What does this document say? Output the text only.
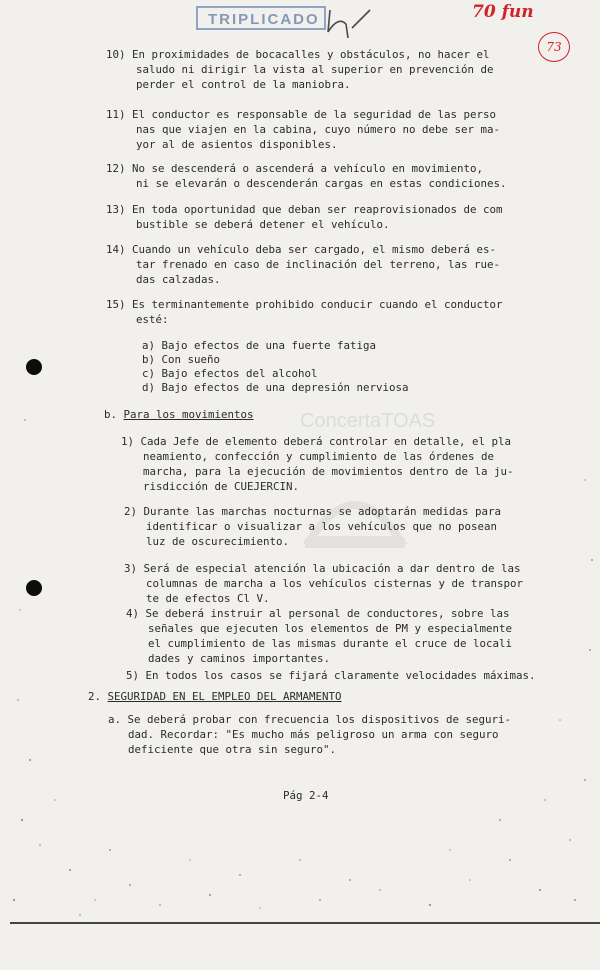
TRIPLICADO	70 fun
73
ConcertaTOAS
10) En proximidades de bocacalles y obstáculos, no hacer el
saludo ni dirigir la vista al superior en prevención de
perder el control de la maniobra.
11) El conductor es responsable de la seguridad de las perso
nas que viajen en la cabina, cuyo número no debe ser ma-
yor al de asientos disponibles.
12) No se descenderá o ascenderá a vehículo en movimiento,
ni se elevarán o descenderán cargas en estas condiciones.
13) En toda oportunidad que deban ser reaprovisionados de com
bustible se deberá detener el vehículo.
14) Cuando un vehículo deba ser cargado, el mismo deberá es-
tar frenado en caso de inclinación del terreno, las rue-
das calzadas.
15) Es terminantemente prohibido conducir cuando el conductor
esté:
a) Bajo efectos de una fuerte fatiga
b) Con sueño
c) Bajo efectos del alcohol
d) Bajo efectos de una depresión nerviosa
b. Para los movimientos
1) Cada Jefe de elemento deberá controlar en detalle, el pla
neamiento, confección y cumplimiento de las órdenes de
marcha, para la ejecución de movimientos dentro de la ju-
risdicción de CUEJERCIN.
2) Durante las marchas nocturnas se adoptarán medidas para
identificar o visualizar a los vehículos que no posean
luz de oscurecimiento.
3) Será de especial atención la ubicación a dar dentro de las
columnas de marcha a los vehículos cisternas y de transpor
te de efectos Cl V.
4) Se deberá instruir al personal de conductores, sobre las
señales que ejecuten los elementos de PM y especialmente
el cumplimiento de las mismas durante el cruce de locali
dades y caminos importantes.
5) En todos los casos se fijará claramente velocidades máximas.
2. SEGURIDAD EN EL EMPLEO DEL ARMAMENTO
a. Se deberá probar con frecuencia los dispositivos de seguri-
dad. Recordar: "Es mucho más peligroso un arma con seguro
deficiente que otra sin seguro".
Pág 2-4
